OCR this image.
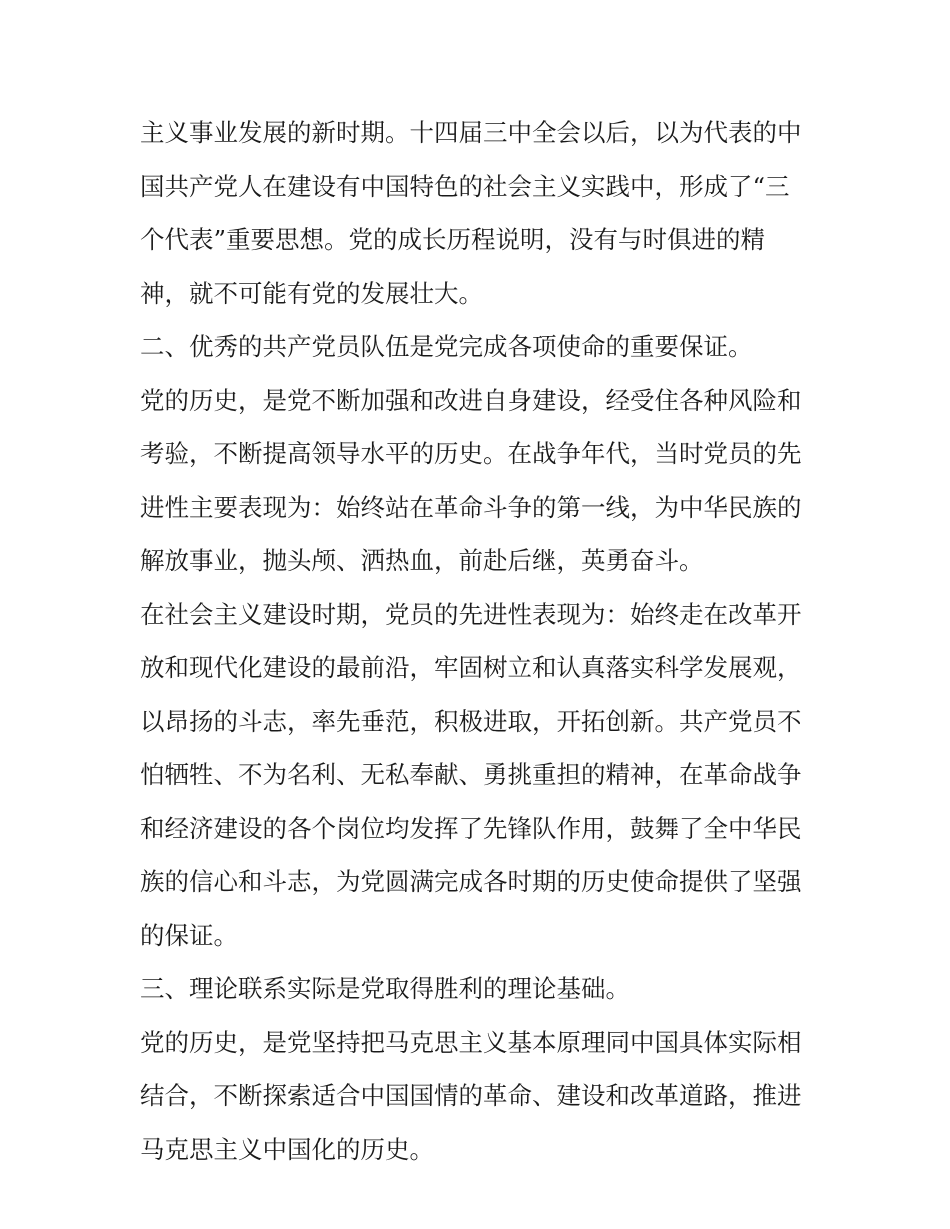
主义事业发展的新时期。十四届三中全会以后，以为代表的中
国共产党人在建设有中国特色的社会主义实践中，形成了“三
个代表”重要思想。党的成长历程说明，没有与时俱进的精
神，就不可能有党的发展壮大。
二、优秀的共产党员队伍是党完成各项使命的重要保证。
党的历史，是党不断加强和改进自身建设，经受住各种风险和
考验，不断提高领导水平的历史。在战争年代，当时党员的先
进性主要表现为：始终站在革命斗争的第一线，为中华民族的
解放事业，抛头颅、洒热血，前赴后继，英勇奋斗。
在社会主义建设时期，党员的先进性表现为：始终走在改革开
放和现代化建设的最前沿，牢固树立和认真落实科学发展观，
以昂扬的斗志，率先垂范，积极进取，开拓创新。共产党员不
怕牺牲、不为名利、无私奉献、勇挑重担的精神，在革命战争
和经济建设的各个岗位均发挥了先锋队作用，鼓舞了全中华民
族的信心和斗志，为党圆满完成各时期的历史使命提供了坚强
的保证。
三、理论联系实际是党取得胜利的理论基础。
党的历史，是党坚持把马克思主义基本原理同中国具体实际相
结合，不断探索适合中国国情的革命、建设和改革道路，推进
马克思主义中国化的历史。
